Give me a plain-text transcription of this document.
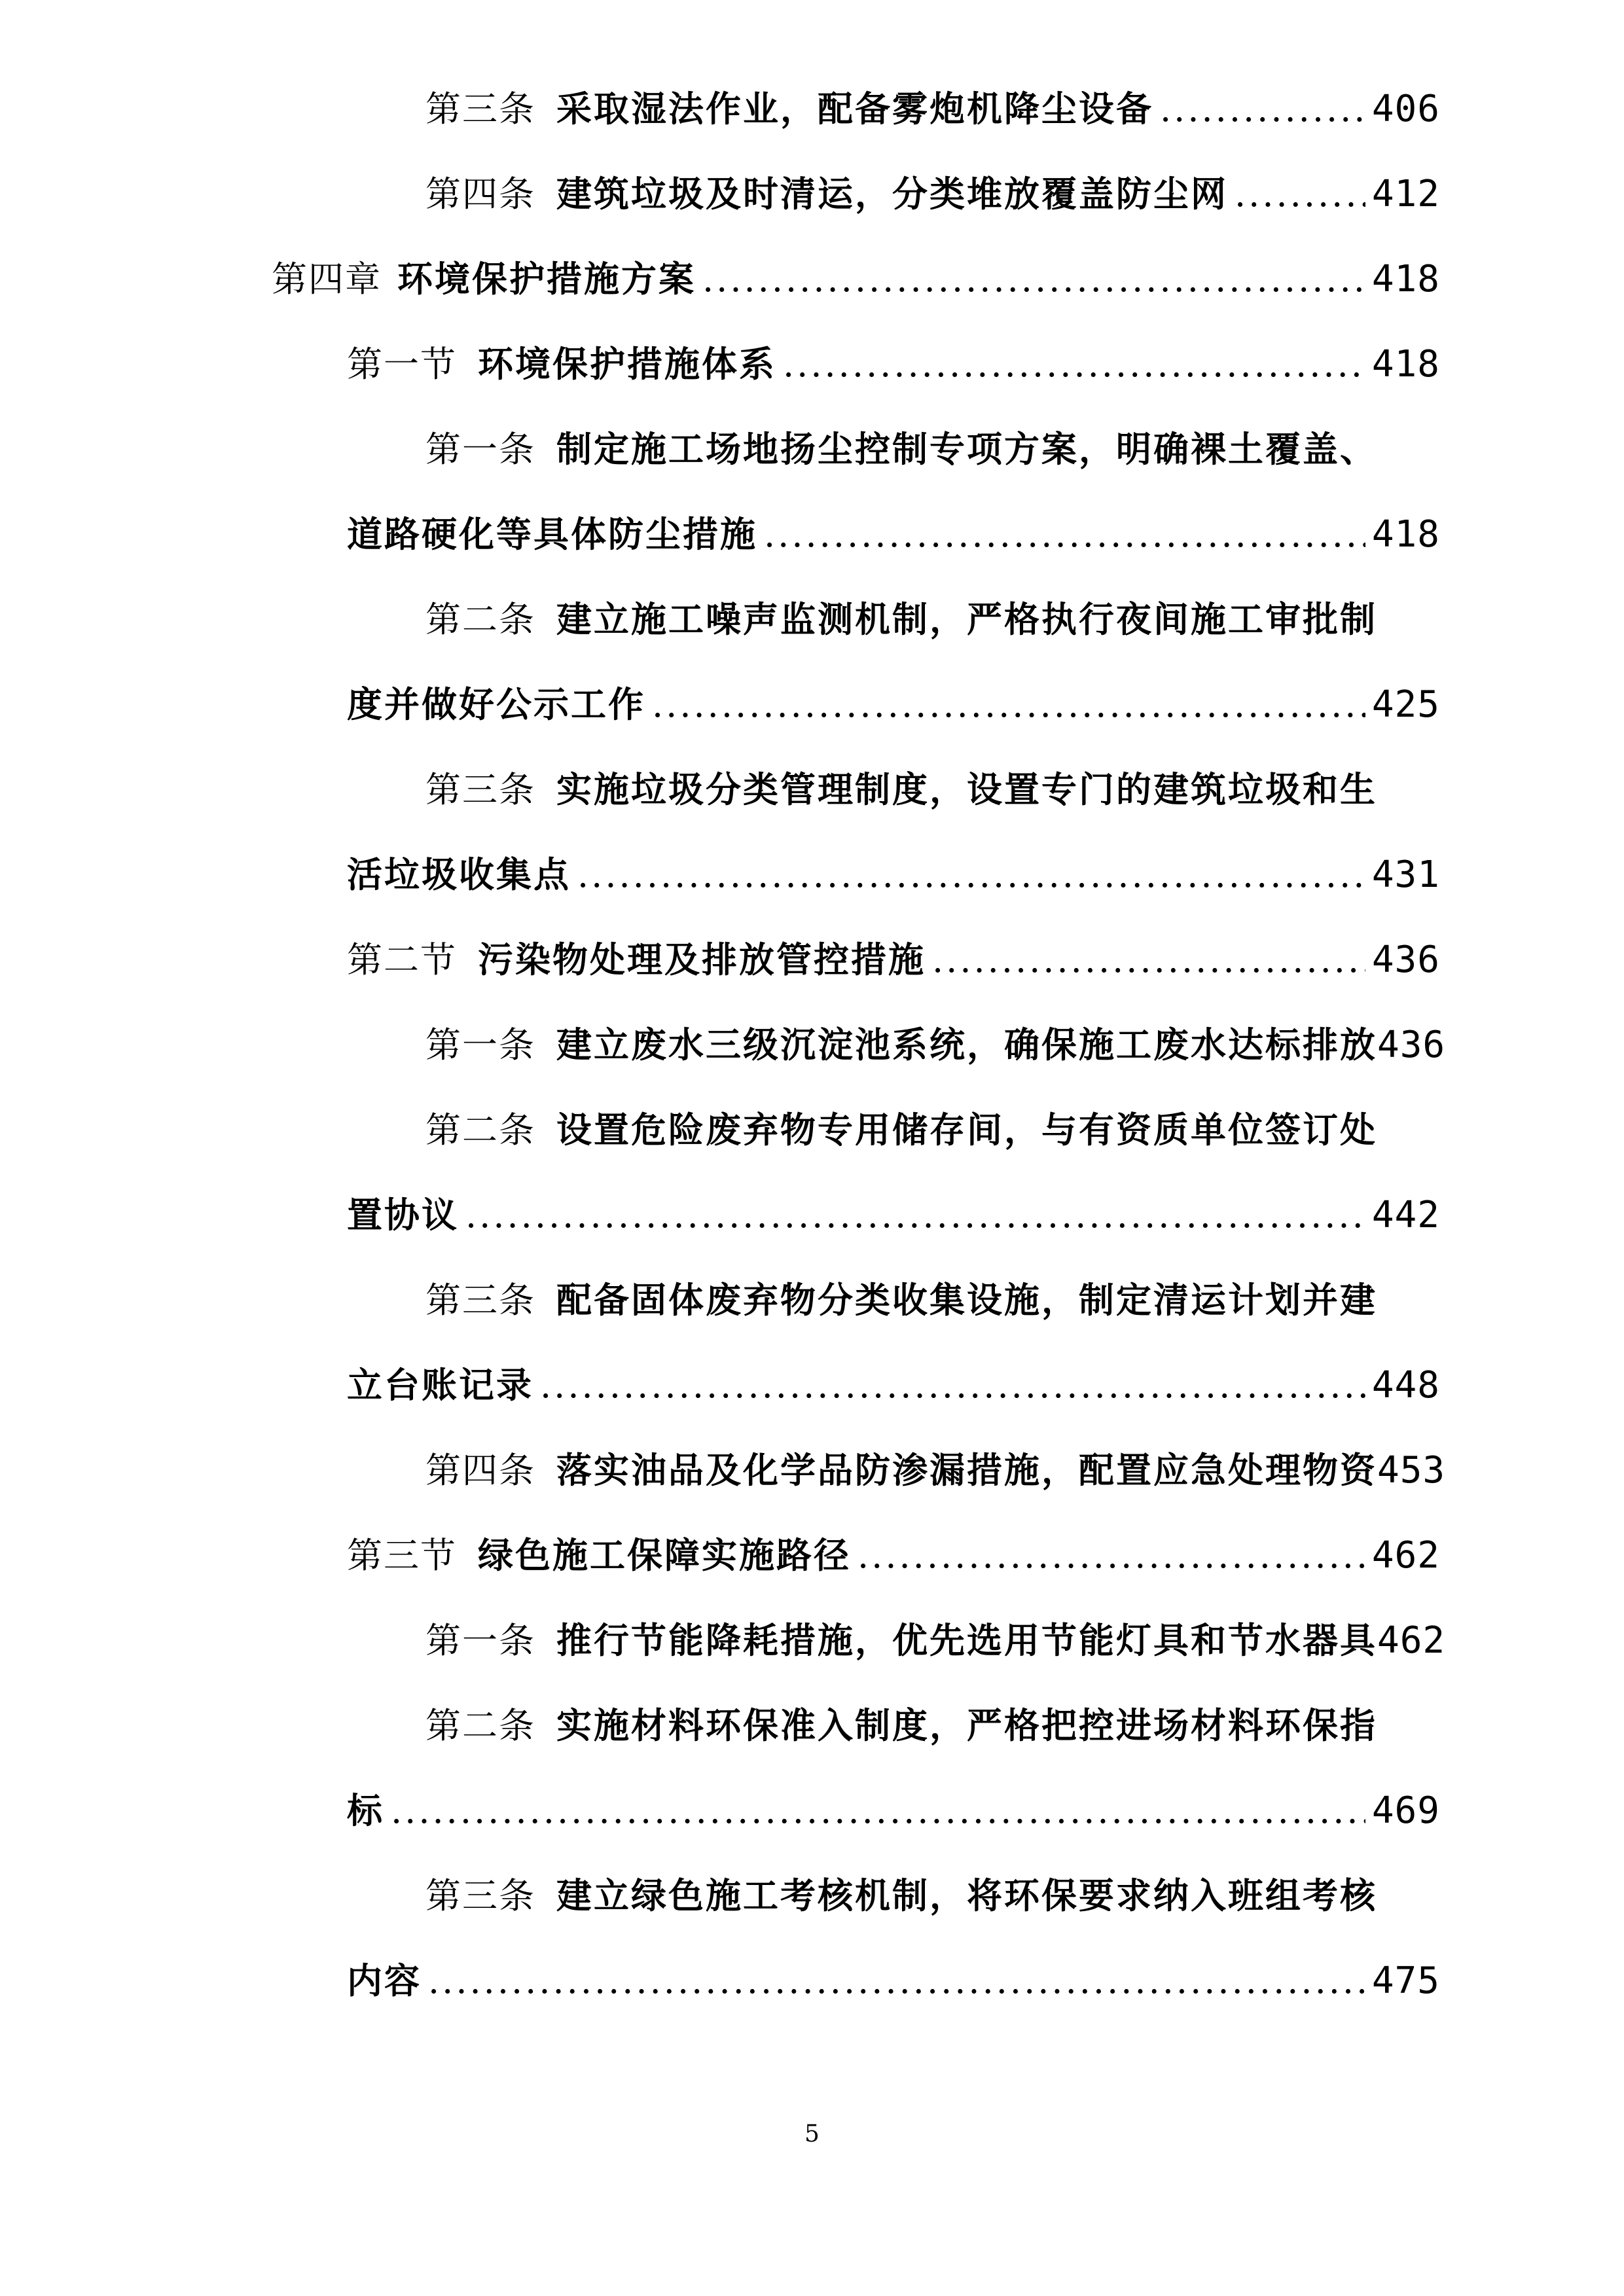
第三条 采取湿法作业，配备雾炮机降尘设备 .....	406
第四条 建筑垃圾及时清运，分类堆放覆盖防尘网 .....	412
第四章 环境保护措施方案 .....	418
第一节 环境保护措施体系 .....	418
第一条 制定施工场地扬尘控制专项方案，明确裸土覆盖、
道路硬化等具体防尘措施 .....	418
第二条 建立施工噪声监测机制，严格执行夜间施工审批制
度并做好公示工作 .....	425
第三条 实施垃圾分类管理制度，设置专门的建筑垃圾和生
活垃圾收集点 .....	431
第二节 污染物处理及排放管控措施 .....	436
第一条 建立废水三级沉淀池系统，确保施工废水达标排放 436
第二条 设置危险废弃物专用储存间，与有资质单位签订处
置协议 .....	442
第三条 配备固体废弃物分类收集设施，制定清运计划并建
立台账记录 .....	448
第四条 落实油品及化学品防渗漏措施，配置应急处理物资 453
第三节 绿色施工保障实施路径 .....	462
第一条 推行节能降耗措施，优先选用节能灯具和节水器具 462
第二条 实施材料环保准入制度，严格把控进场材料环保指
标 .....	469
第三条 建立绿色施工考核机制，将环保要求纳入班组考核
内容 .....	475
5
